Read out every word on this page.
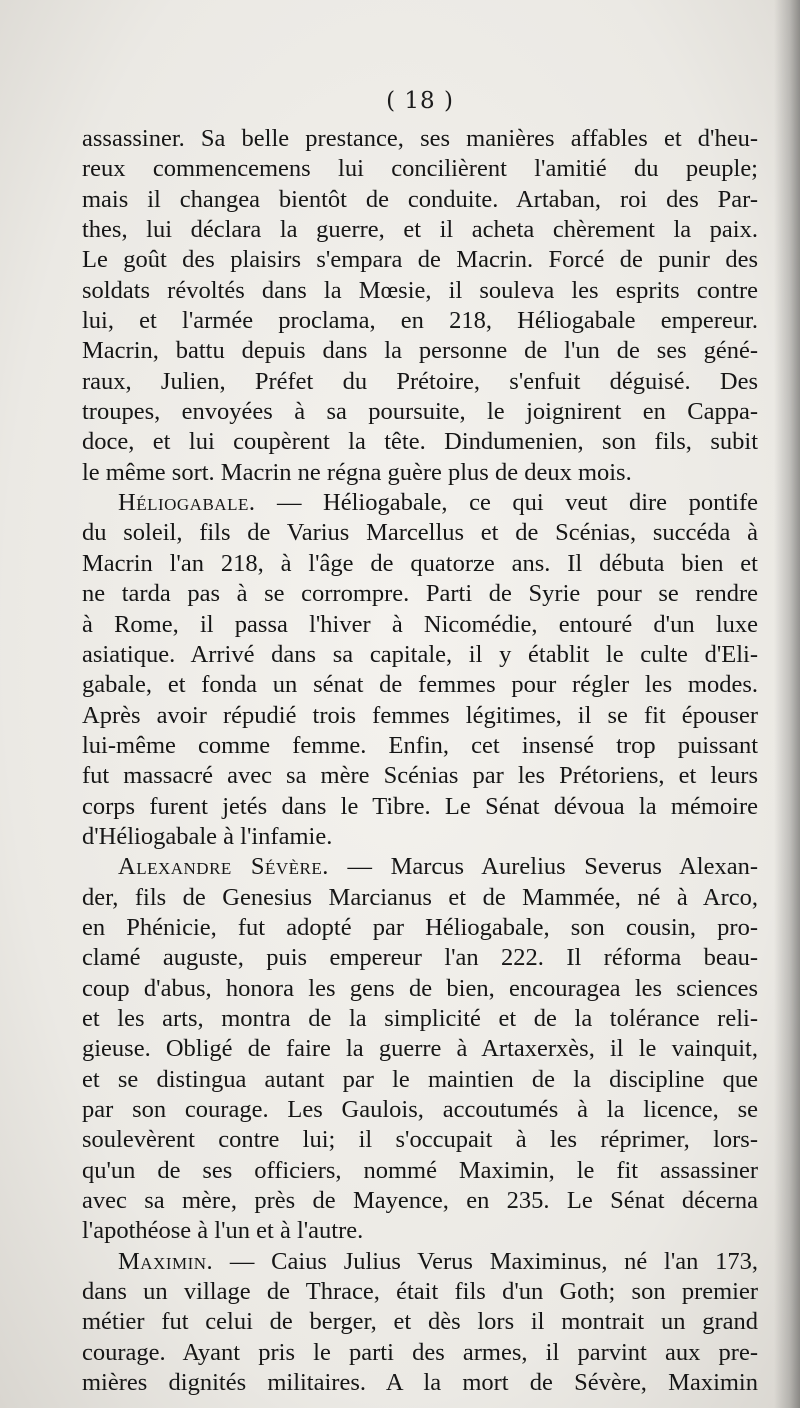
( 18 )
assassiner. Sa belle prestance, ses manières affables et d'heu-
reux commencemens lui concilièrent l'amitié du peuple;
mais il changea bientôt de conduite. Artaban, roi des Par-
thes, lui déclara la guerre, et il acheta chèrement la paix.
Le goût des plaisirs s'empara de Macrin. Forcé de punir des
soldats révoltés dans la Mœsie, il souleva les esprits contre
lui, et l'armée proclama, en 218, Héliogabale empereur.
Macrin, battu depuis dans la personne de l'un de ses géné-
raux, Julien, Préfet du Prétoire, s'enfuit déguisé. Des
troupes, envoyées à sa poursuite, le joignirent en Cappa-
doce, et lui coupèrent la tête. Dindumenien, son fils, subit
le même sort. Macrin ne régna guère plus de deux mois.
Héliogabale. — Héliogabale, ce qui veut dire pontife
du soleil, fils de Varius Marcellus et de Scénias, succéda à
Macrin l'an 218, à l'âge de quatorze ans. Il débuta bien et
ne tarda pas à se corrompre. Parti de Syrie pour se rendre
à Rome, il passa l'hiver à Nicomédie, entouré d'un luxe
asiatique. Arrivé dans sa capitale, il y établit le culte d'Eli-
gabale, et fonda un sénat de femmes pour régler les modes.
Après avoir répudié trois femmes légitimes, il se fit épouser
lui-même comme femme. Enfin, cet insensé trop puissant
fut massacré avec sa mère Scénias par les Prétoriens, et leurs
corps furent jetés dans le Tibre. Le Sénat dévoua la mémoire
d'Héliogabale à l'infamie.
Alexandre Sévère. — Marcus Aurelius Severus Alexan-
der, fils de Genesius Marcianus et de Mammée, né à Arco,
en Phénicie, fut adopté par Héliogabale, son cousin, pro-
clamé auguste, puis empereur l'an 222. Il réforma beau-
coup d'abus, honora les gens de bien, encouragea les sciences
et les arts, montra de la simplicité et de la tolérance reli-
gieuse. Obligé de faire la guerre à Artaxerxès, il le vainquit,
et se distingua autant par le maintien de la discipline que
par son courage. Les Gaulois, accoutumés à la licence, se
soulevèrent contre lui; il s'occupait à les réprimer, lors-
qu'un de ses officiers, nommé Maximin, le fit assassiner
avec sa mère, près de Mayence, en 235. Le Sénat décerna
l'apothéose à l'un et à l'autre.
Maximin. — Caius Julius Verus Maximinus, né l'an 173,
dans un village de Thrace, était fils d'un Goth; son premier
métier fut celui de berger, et dès lors il montrait un grand
courage. Ayant pris le parti des armes, il parvint aux pre-
mières dignités militaires. A la mort de Sévère, Maximin
